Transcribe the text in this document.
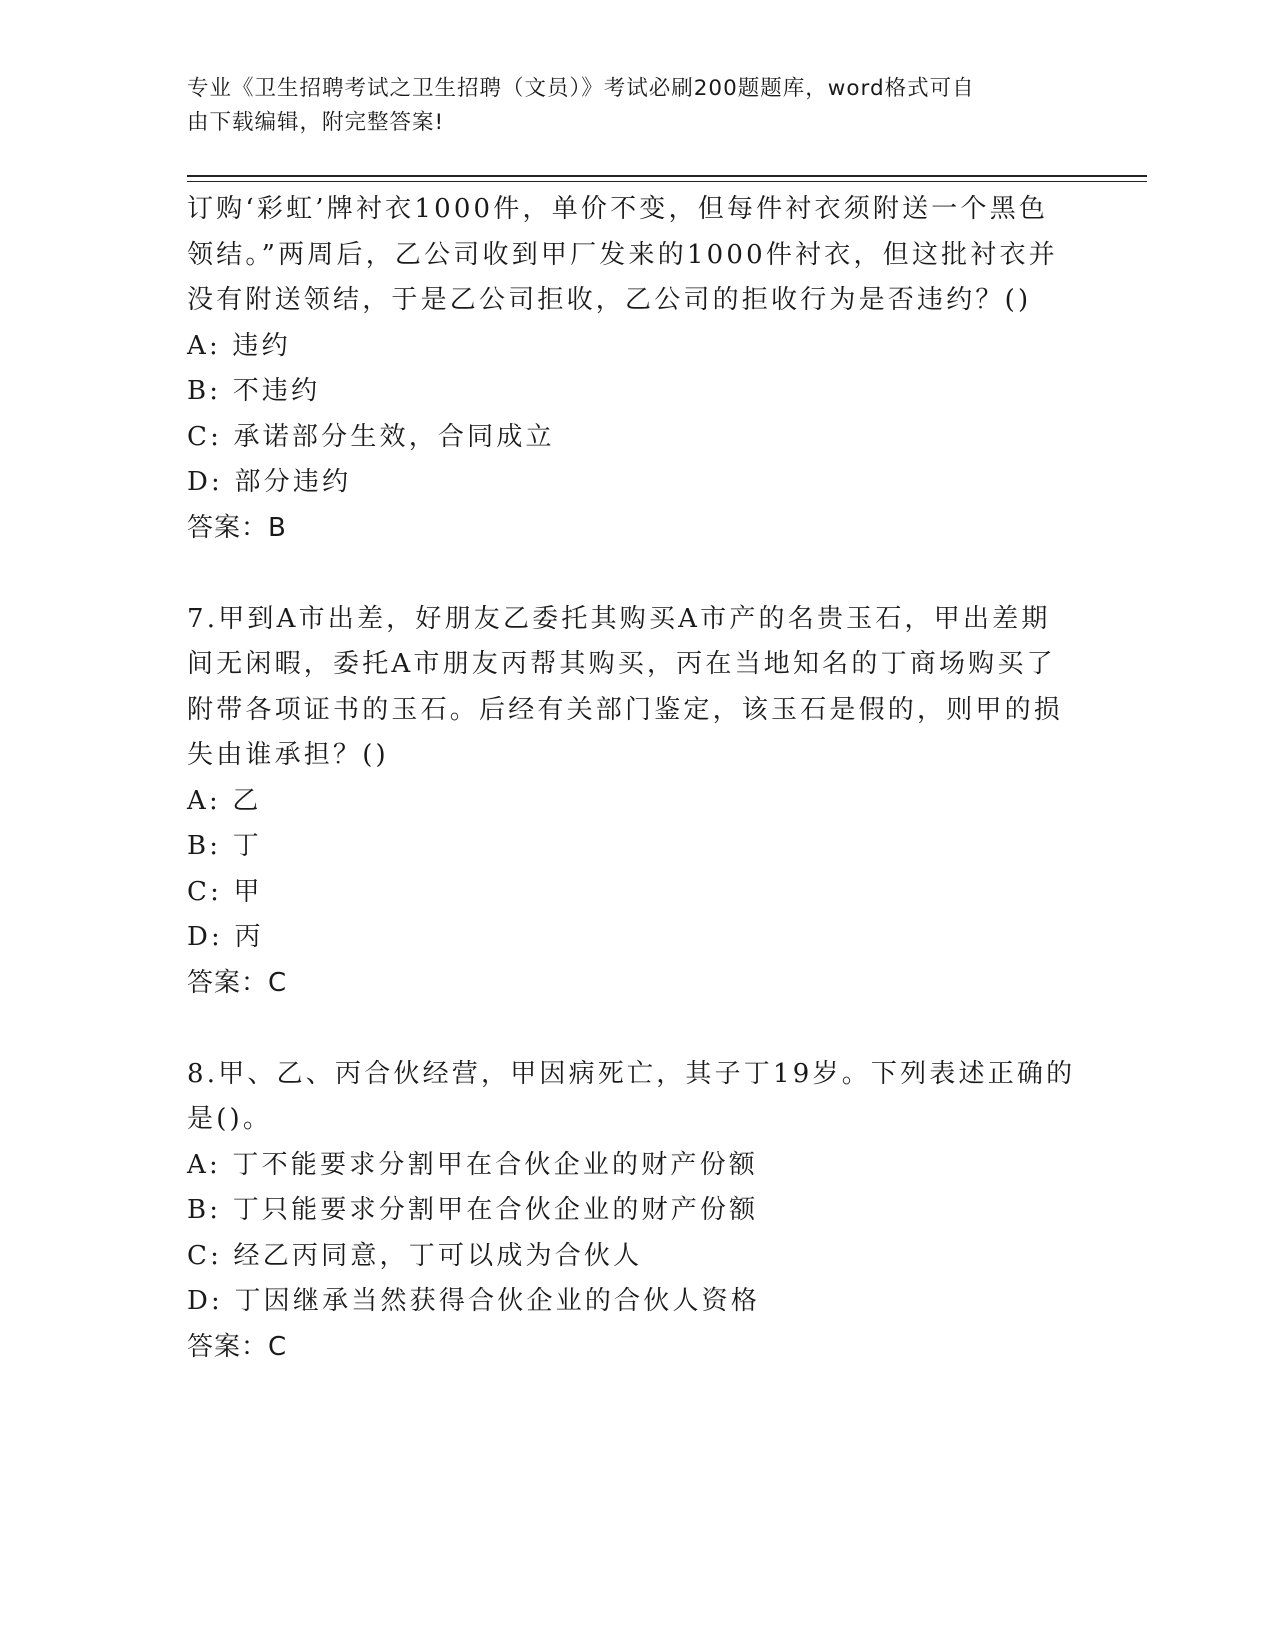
专业《卫生招聘考试之卫生招聘（文员）》考试必刷200题题库，word格式可自
由下载编辑，附完整答案!
订购‘彩虹’牌衬衣1000件，单价不变，但每件衬衣须附送一个黑色
领结。”两周后，乙公司收到甲厂发来的1000件衬衣，但这批衬衣并
没有附送领结，于是乙公司拒收，乙公司的拒收行为是否违约？()
A: 违约
B: 不违约
C: 承诺部分生效，合同成立
D: 部分违约
答案：B
7.甲到A市出差，好朋友乙委托其购买A市产的名贵玉石，甲出差期
间无闲暇，委托A市朋友丙帮其购买，丙在当地知名的丁商场购买了
附带各项证书的玉石。后经有关部门鉴定，该玉石是假的，则甲的损
失由谁承担？()
A: 乙
B: 丁
C: 甲
D: 丙
答案：C
8.甲、乙、丙合伙经营，甲因病死亡，其子丁19岁。下列表述正确的
是()。
A: 丁不能要求分割甲在合伙企业的财产份额
B: 丁只能要求分割甲在合伙企业的财产份额
C: 经乙丙同意，丁可以成为合伙人
D: 丁因继承当然获得合伙企业的合伙人资格
答案：C
